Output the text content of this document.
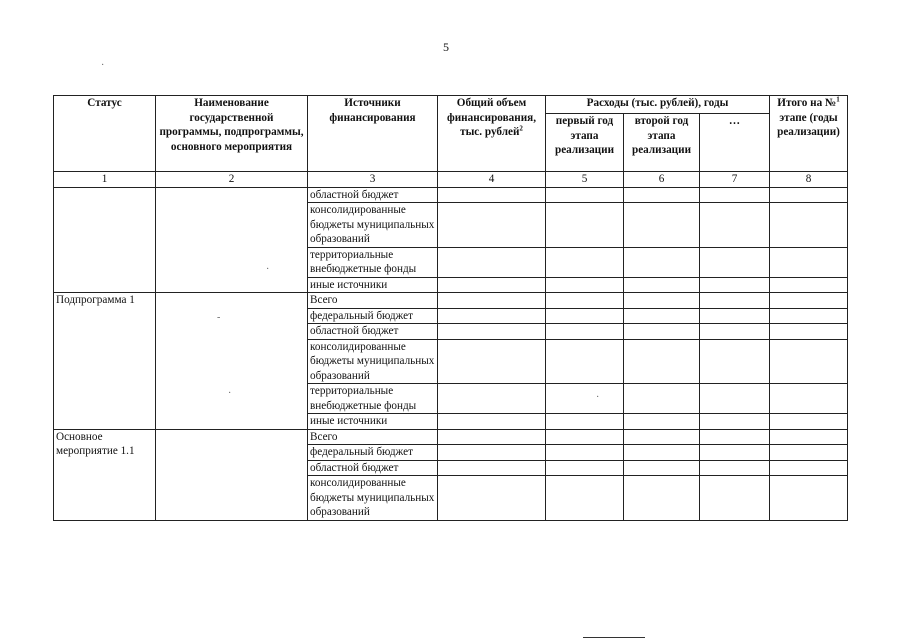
5
·
·
-
·	·
Статус	Наименование государственной программы, подпрограммы, основного мероприятия	Источники финансирования	Общий объем финансирования, тыс. рублей$^2$	Расходы (тыс. рублей), годы			Итого на №$^1$ этапе (годы реализации)
				первый год этапа реализации	второй год этапа реализации	…	
1	2	3	4	5	6	7	8
		областной бюджет					
		консолидированные бюджеты муниципальных образований					
		территориальные внебюджетные фонды					
		иные источники					
Подпрограмма 1		Всего					
		федеральный бюджет					
		областной бюджет					
		консолидированные бюджеты муниципальных образований					
		территориальные внебюджетные фонды					
		иные источники					
Основное мероприятие 1.1		Всего					
		федеральный бюджет					
		областной бюджет					
		консолидированные бюджеты муниципальных образований					
